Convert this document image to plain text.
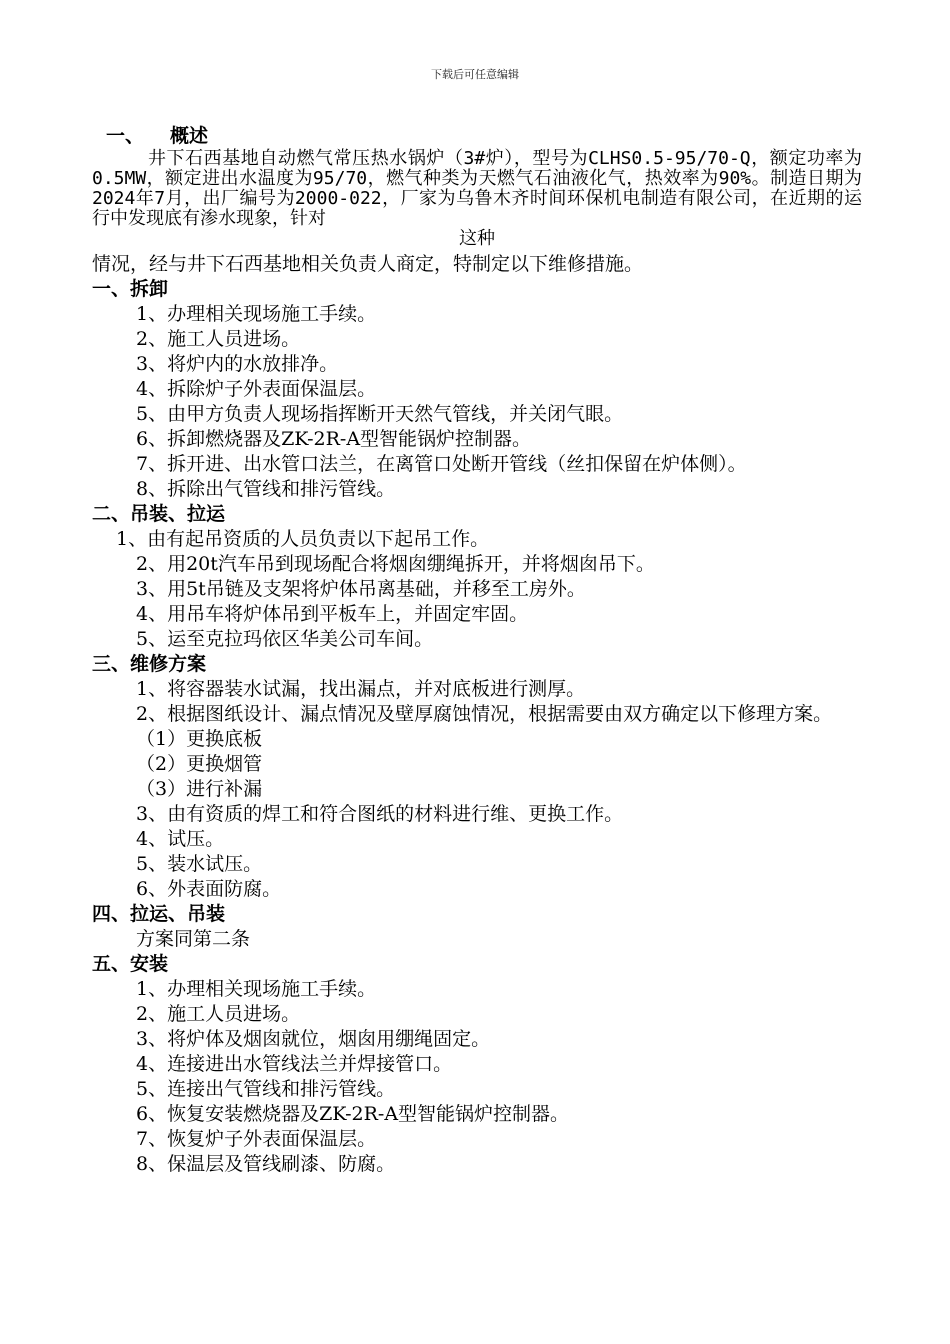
下载后可任意编辑

一、 概述

井下石西基地自动燃气常压热水锅炉（3#炉），型号为CLHS0.5-95/70-Q，额定功率为0.5MW，额定进出水温度为95/70，燃气种类为天燃气石油液化气，热效率为90%。制造日期为2024年7月，出厂编号为2000-022，厂家为乌鲁木齐时间环保机电制造有限公司，在近期的运行中发现底有渗水现象，针对

这种

情况，经与井下石西基地相关负责人商定，特制定以下维修措施。

一、拆卸

1、办理相关现场施工手续。

2、施工人员进场。

3、将炉内的水放排净。

4、拆除炉子外表面保温层。

5、由甲方负责人现场指挥断开天然气管线，并关闭气眼。

6、拆卸燃烧器及ZK-2R-A型智能锅炉控制器。

7、拆开进、出水管口法兰，在离管口处断开管线（丝扣保留在炉体侧）。

8、拆除出气管线和排污管线。

二、吊装、拉运

1、由有起吊资质的人员负责以下起吊工作。

2、用20t汽车吊到现场配合将烟囱绷绳拆开，并将烟囱吊下。

3、用5t吊链及支架将炉体吊离基础，并移至工房外。

4、用吊车将炉体吊到平板车上，并固定牢固。

5、运至克拉玛依区华美公司车间。

三、维修方案

1、将容器装水试漏，找出漏点，并对底板进行测厚。

2、根据图纸设计、漏点情况及壁厚腐蚀情况，根据需要由双方确定以下修理方案。

（1）更换底板

（2）更换烟管

（3）进行补漏

3、由有资质的焊工和符合图纸的材料进行维、更换工作。

4、试压。

5、装水试压。

6、外表面防腐。

四、拉运、吊装

方案同第二条

五、安装

1、办理相关现场施工手续。

2、施工人员进场。

3、将炉体及烟囱就位，烟囱用绷绳固定。

4、连接进出水管线法兰并焊接管口。

5、连接出气管线和排污管线。

6、恢复安装燃烧器及ZK-2R-A型智能锅炉控制器。

7、恢复炉子外表面保温层。

8、保温层及管线刷漆、防腐。
